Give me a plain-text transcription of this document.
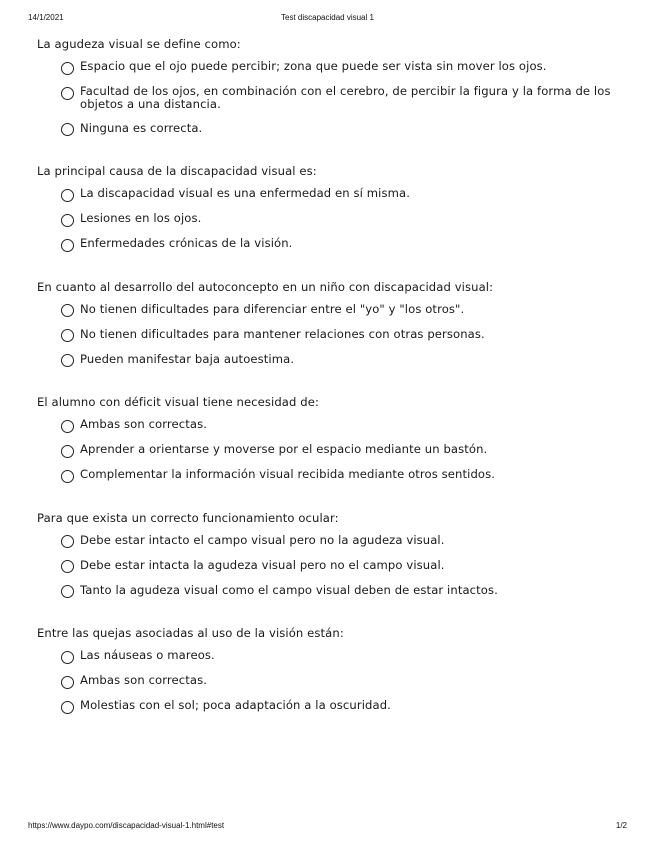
14/1/2021	Test discapacidad visual 1

La agudeza visual se define como:

Espacio que el ojo puede percibir; zona que puede ser vista sin mover los ojos.
Facultad de los ojos, en combinación con el cerebro, de percibir la figura y la forma de los objetos a una distancia.
Ninguna es correcta.

La principal causa de la discapacidad visual es:

La discapacidad visual es una enfermedad en sí misma.
Lesiones en los ojos.
Enfermedades crónicas de la visión.

En cuanto al desarrollo del autoconcepto en un niño con discapacidad visual:

No tienen dificultades para diferenciar entre el "yo" y "los otros".
No tienen dificultades para mantener relaciones con otras personas.
Pueden manifestar baja autoestima.

El alumno con déficit visual tiene necesidad de:

Ambas son correctas.
Aprender a orientarse y moverse por el espacio mediante un bastón.
Complementar la información visual recibida mediante otros sentidos.

Para que exista un correcto funcionamiento ocular:

Debe estar intacto el campo visual pero no la agudeza visual.
Debe estar intacta la agudeza visual pero no el campo visual.
Tanto la agudeza visual como el campo visual deben de estar intactos.

Entre las quejas asociadas al uso de la visión están:

Las náuseas o mareos.
Ambas son correctas.
Molestias con el sol; poca adaptación a la oscuridad.
https://www.daypo.com/discapacidad-visual-1.html#test	1/2
